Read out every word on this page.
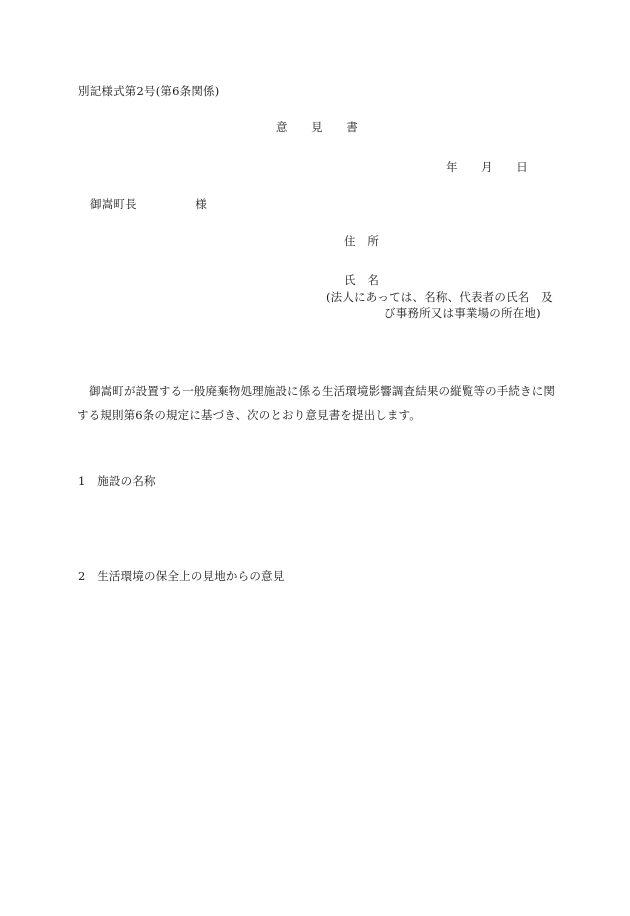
別記様式第2号(第6条関係)
意　　見　　書
年　　月　　日
御嵩町長　　　　　様
住　所
氏　名
(法人にあっては、名称、代表者の氏名　及
び事務所又は事業場の所在地)
御嵩町が設置する一般廃棄物処理施設に係る生活環境影響調査結果の縦覧等の手続きに関する規則第6条の規定に基づき、次のとおり意見書を提出します。
1　施設の名称
2　生活環境の保全上の見地からの意見
